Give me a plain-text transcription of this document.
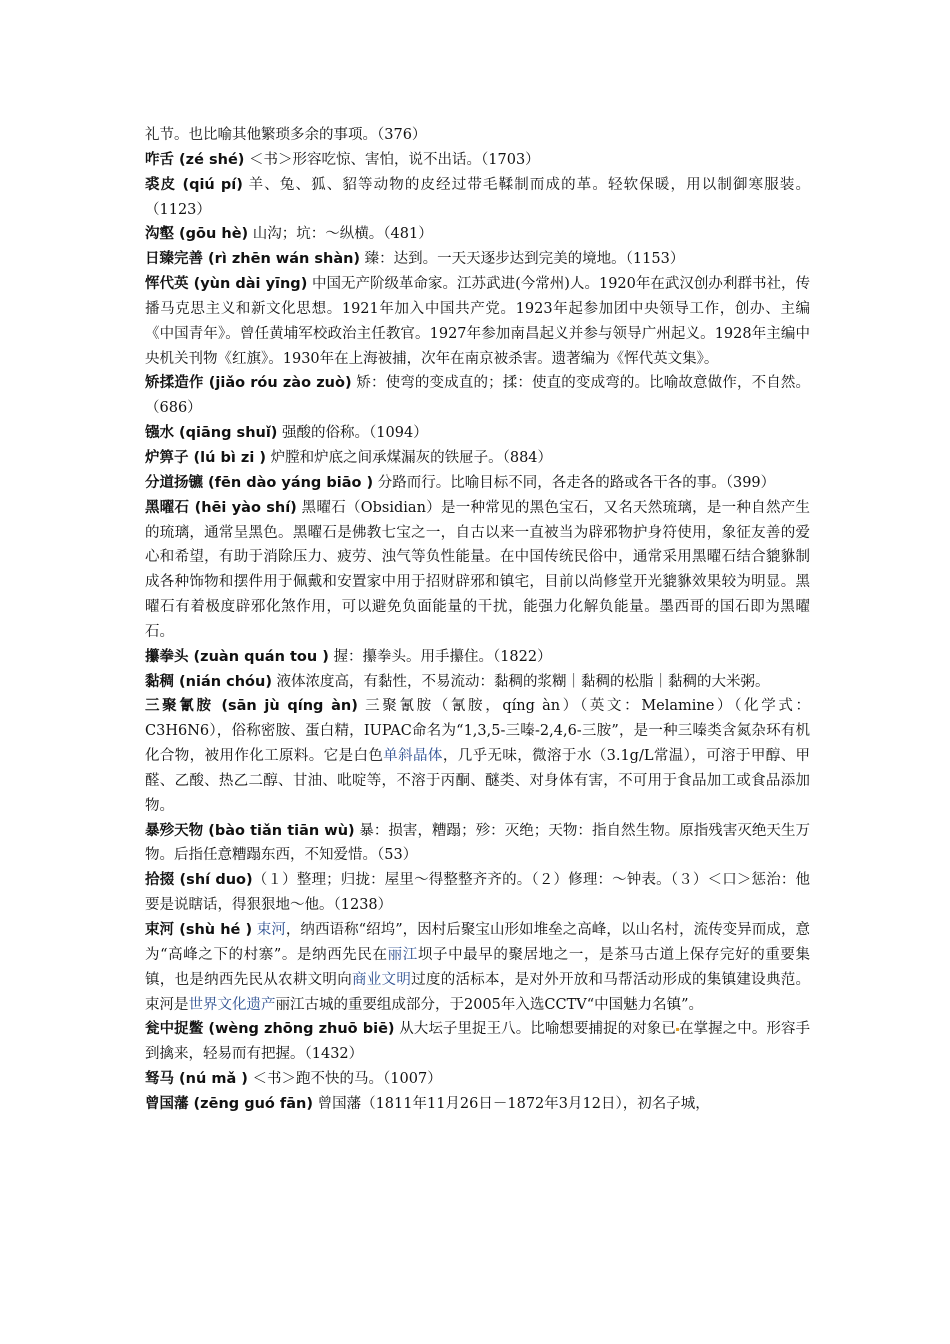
礼节。也比喻其他繁琐多余的事项。（376）

咋舌 (zé shé) ＜书＞形容吃惊、害怕，说不出话。（1703）

裘皮 (qiú pí) 羊、兔、狐、貂等动物的皮经过带毛鞣制而成的革。轻软保暖，用以制御寒服装。（1123）

沟壑 (gōu hè) 山沟；坑：～纵横。（481）

日臻完善 (rì zhēn wán shàn) 臻：达到。一天天逐步达到完美的境地。（1153）

恽代英 (yùn dài yīng) 中国无产阶级革命家。江苏武进(今常州)人。1920年在武汉创办利群书社，传播马克思主义和新文化思想。1921年加入中国共产党。1923年起参加团中央领导工作，创办、主编《中国青年》。曾任黄埔军校政治主任教官。1927年参加南昌起义并参与领导广州起义。1928年主编中央机关刊物《红旗》。1930年在上海被捕，次年在南京被杀害。遗著编为《恽代英文集》。

矫揉造作 (jiǎo róu zào zuò) 矫：使弯的变成直的；揉：使直的变成弯的。比喻故意做作，不自然。（686）

镪水 (qiāng shuǐ) 强酸的俗称。（1094）

炉箅子 (lú bì zi ) 炉膛和炉底之间承煤漏灰的铁屉子。（884）

分道扬镳 (fēn dào yáng biāo ) 分路而行。比喻目标不同，各走各的路或各干各的事。（399）

黑曜石 (hēi yào shí) 黑曜石（Obsidian）是一种常见的黑色宝石，又名天然琉璃，是一种自然产生的琉璃，通常呈黑色。黑曜石是佛教七宝之一，自古以来一直被当为辟邪物护身符使用，象征友善的爱心和希望，有助于消除压力、疲劳、浊气等负性能量。在中国传统民俗中，通常采用黑曜石结合貔貅制成各种饰物和摆件用于佩戴和安置家中用于招财辟邪和镇宅，目前以尚修堂开光貔貅效果较为明显。黑曜石有着极度辟邪化煞作用，可以避免负面能量的干扰，能强力化解负能量。墨西哥的国石即为黑曜石。

攥拳头 (zuàn quán tou ) 握：攥拳头。用手攥住。（1822）

黏稠 (nián chóu) 液体浓度高，有黏性，不易流动：黏稠的浆糊｜黏稠的松脂｜黏稠的大米粥。

三聚氰胺 (sān jù qíng àn) 三聚氰胺（氰胺，qíng àn）（英文：Melamine）（化学式：C3H6N6），俗称密胺、蛋白精，IUPAC命名为“1,3,5-三嗪-2,4,6-三胺”，是一种三嗪类含氮杂环有机化合物，被用作化工原料。它是白色单斜晶体，几乎无味，微溶于水（3.1g/L常温），可溶于甲醇、甲醛、乙酸、热乙二醇、甘油、吡啶等，不溶于丙酮、醚类、对身体有害，不可用于食品加工或食品添加物。

暴殄天物 (bào tiǎn tiān wù) 暴：损害，糟蹋；殄：灭绝；天物：指自然生物。原指残害灭绝天生万物。后指任意糟蹋东西，不知爱惜。（53）

拾掇 (shí duo)（１）整理；归拢：屋里～得整整齐齐的。（２）修理：～钟表。（３）＜口＞惩治：他要是说瞎话，得狠狠地～他。（1238）

束河 (shù hé ) 束河，纳西语称“绍坞”，因村后聚宝山形如堆垒之高峰，以山名村，流传变异而成，意为“高峰之下的村寨”。是纳西先民在丽江坝子中最早的聚居地之一，是茶马古道上保存完好的重要集镇，也是纳西先民从农耕文明向商业文明过度的活标本，是对外开放和马帮活动形成的集镇建设典范。束河是世界文化遗产丽江古城的重要组成部分，于2005年入选CCTV“中国魅力名镇”。

瓮中捉鳖 (wèng zhōng zhuō biē) 从大坛子里捉王八。比喻想要捕捉的对象已 在掌握之中。形容手到擒来，轻易而有把握。（1432）

驽马 (nú mǎ ) ＜书＞跑不快的马。（1007）

曾国藩 (zēng guó fān) 曾国藩（1811年11月26日－1872年3月12日），初名子城，
